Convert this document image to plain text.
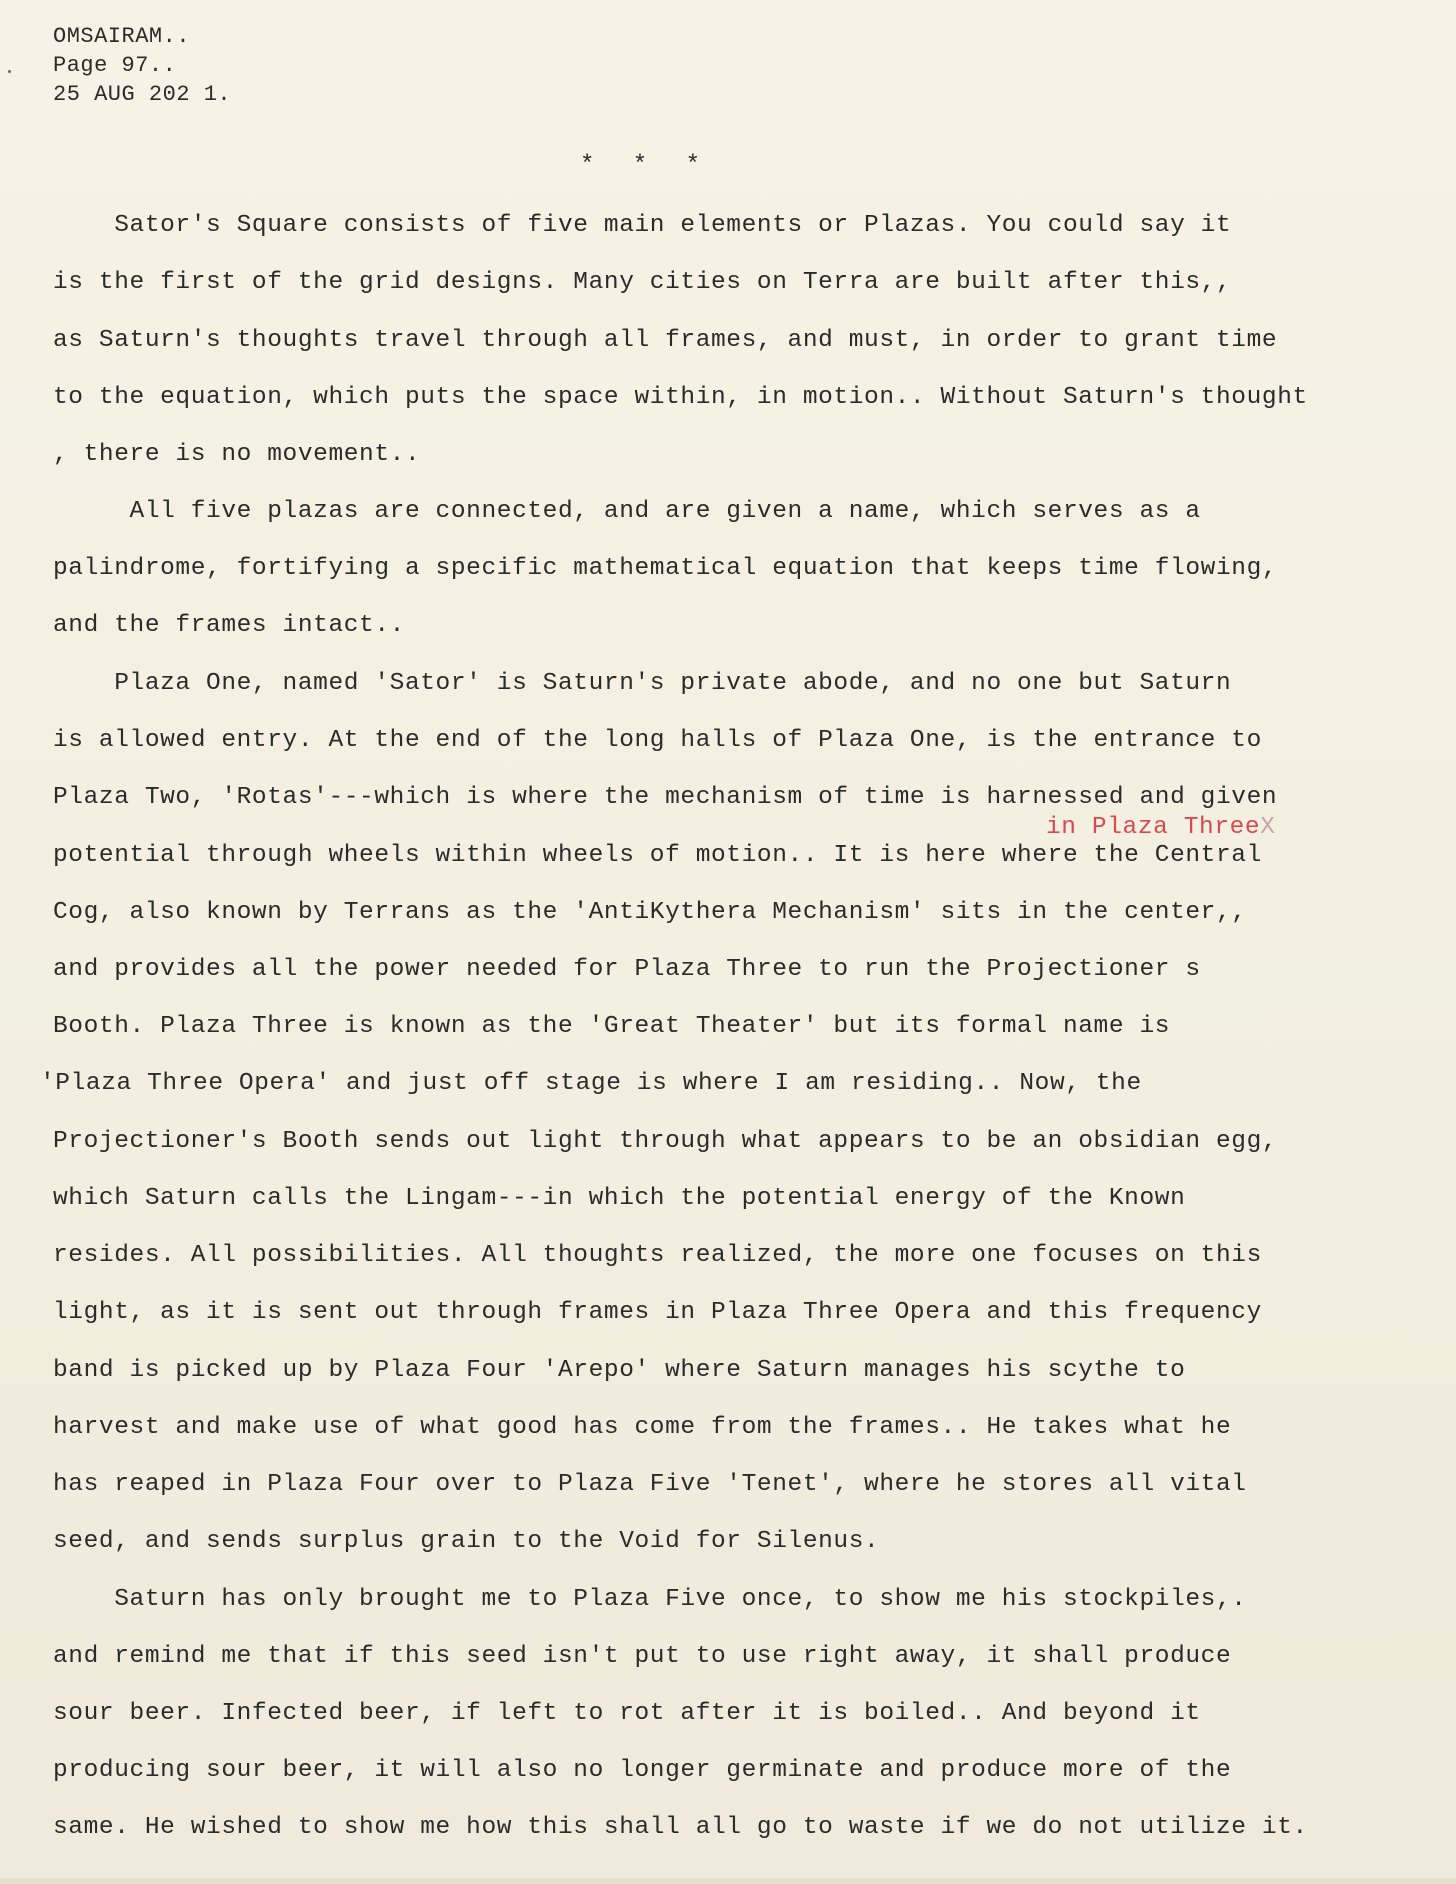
OMSAIRAM..
Page 97..
25 AUG 202 1.
* * *
Sator's Square consists of five main elements or Plazas. You could say it
is the first of the grid designs. Many cities on Terra are built after this,,
as Saturn's thoughts travel through all frames, and must, in order to grant time
to the equation, which puts the space within, in motion.. Without Saturn's thought
, there is no movement..
All five plazas are connected, and are given a name, which serves as a
palindrome, fortifying a specific mathematical equation that keeps time flowing,
and the frames intact..
Plaza One, named 'Sator' is Saturn's private abode, and no one but Saturn
is allowed entry. At the end of the long halls of Plaza One, is the entrance to
Plaza Two, 'Rotas'---which is where the mechanism of time is harnessed and given
in Plaza ThreeX
potential through wheels within wheels of motion.. It is here where the Central
Cog, also known by Terrans as the 'AntiKythera Mechanism' sits in the center,,
and provides all the power needed for Plaza Three to run the Projectioner s
Booth. Plaza Three is known as the 'Great Theater' but its formal name is
'Plaza Three Opera' and just off stage is where I am residing.. Now, the
Projectioner's Booth sends out light through what appears to be an obsidian egg,
which Saturn calls the Lingam---in which the potential energy of the Known
resides. All possibilities. All thoughts realized, the more one focuses on this
light, as it is sent out through frames in Plaza Three Opera and this frequency
band is picked up by Plaza Four 'Arepo' where Saturn manages his scythe to
harvest and make use of what good has come from the frames.. He takes what he
has reaped in Plaza Four over to Plaza Five 'Tenet', where he stores all vital
seed, and sends surplus grain to the Void for Silenus.
Saturn has only brought me to Plaza Five once, to show me his stockpiles,.
and remind me that if this seed isn't put to use right away, it shall produce
sour beer. Infected beer, if left to rot after it is boiled.. And beyond it
producing sour beer, it will also no longer germinate and produce more of the
same. He wished to show me how this shall all go to waste if we do not utilize it.
